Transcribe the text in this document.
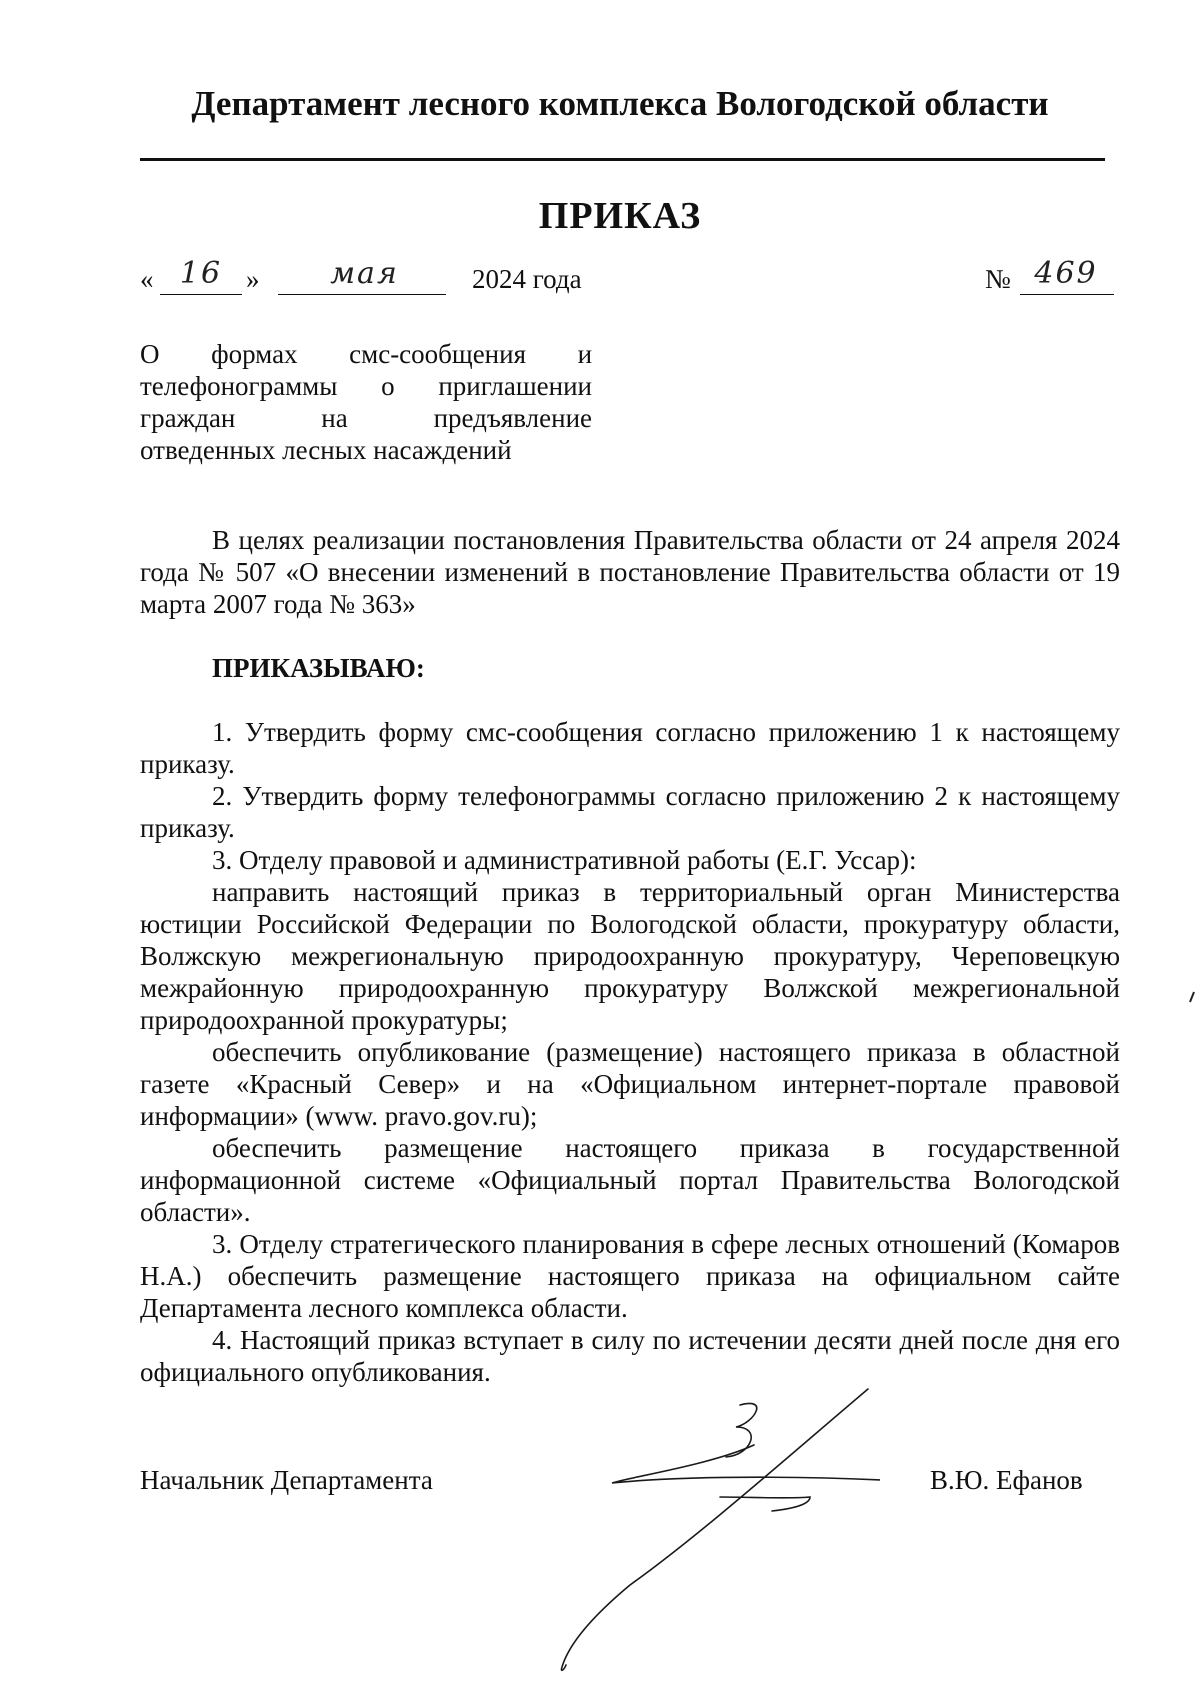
Департамент лесного комплекса Вологодской области
ПРИКАЗ
« 16 »	мая	2024 года	№ 469
О формах смс-сообщения и
телефонограммы о приглашении
граждан	на	предъявление
отведенных лесных насаждений

В целях реализации постановления Правительства области от 24 апреля 2024 года № 507 «О внесении изменений в постановление Правительства области от 19 марта 2007 года № 363»

ПРИКАЗЫВАЮ:

1. Утвердить форму смс-сообщения согласно приложению 1 к настоящему приказу.

2. Утвердить форму телефонограммы согласно приложению 2 к настоящему приказу.

3. Отделу правовой и административной работы (Е.Г. Уссар):

направить настоящий приказ в территориальный орган Министерства юстиции Российской Федерации по Вологодской области, прокуратуру области, Волжскую межрегиональную природоохранную прокуратуру, Череповецкую межрайонную природоохранную прокуратуру Волжской межрегиональной природоохранной прокуратуры;

обеспечить опубликование (размещение) настоящего приказа в областной газете «Красный Север» и на «Официальном интернет-портале правовой информации» (www. pravo.gov.ru);

обеспечить размещение настоящего приказа в государственной информационной системе «Официальный портал Правительства Вологодской области».

3. Отделу стратегического планирования в сфере лесных отношений (Комаров Н.А.) обеспечить размещение настоящего приказа на официальном сайте Департамента лесного комплекса области.

4. Настоящий приказ вступает в силу по истечении десяти дней после дня его официального опубликования.

Начальник Департамента	В.Ю. Ефанов
